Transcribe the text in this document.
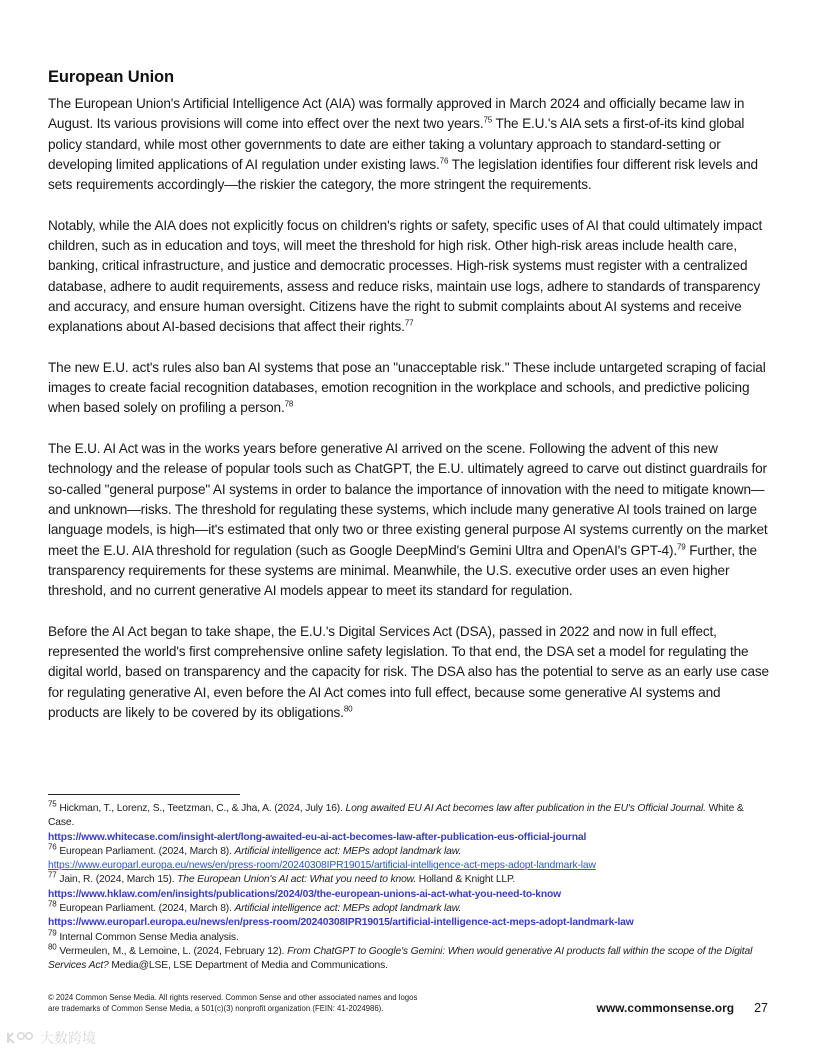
European Union

The European Union's Artificial Intelligence Act (AIA) was formally approved in March 2024 and officially became law in August. Its various provisions will come into effect over the next two years.$^{75}$ The E.U.'s AIA sets a first-of-its kind global policy standard, while most other governments to date are either taking a voluntary approach to standard-setting or developing limited applications of AI regulation under existing laws.$^{76}$ The legislation identifies four different risk levels and sets requirements accordingly—the riskier the category, the more stringent the requirements.

Notably, while the AIA does not explicitly focus on children's rights or safety, specific uses of AI that could ultimately impact children, such as in education and toys, will meet the threshold for high risk. Other high-risk areas include health care, banking, critical infrastructure, and justice and democratic processes. High-risk systems must register with a centralized database, adhere to audit requirements, assess and reduce risks, maintain use logs, adhere to standards of transparency and accuracy, and ensure human oversight. Citizens have the right to submit complaints about AI systems and receive explanations about AI-based decisions that affect their rights.$^{77}$

The new E.U. act's rules also ban AI systems that pose an "unacceptable risk." These include untargeted scraping of facial images to create facial recognition databases, emotion recognition in the workplace and schools, and predictive policing when based solely on profiling a person.$^{78}$

The E.U. AI Act was in the works years before generative AI arrived on the scene. Following the advent of this new technology and the release of popular tools such as ChatGPT, the E.U. ultimately agreed to carve out distinct guardrails for so-called "general purpose" AI systems in order to balance the importance of innovation with the need to mitigate known—and unknown—risks. The threshold for regulating these systems, which include many generative AI tools trained on large language models, is high—it's estimated that only two or three existing general purpose AI systems currently on the market meet the E.U. AIA threshold for regulation (such as Google DeepMind's Gemini Ultra and OpenAI's GPT-4).$^{79}$ Further, the transparency requirements for these systems are minimal. Meanwhile, the U.S. executive order uses an even higher threshold, and no current generative AI models appear to meet its standard for regulation.

Before the AI Act began to take shape, the E.U.'s Digital Services Act (DSA), passed in 2022 and now in full effect, represented the world's first comprehensive online safety legislation. To that end, the DSA set a model for regulating the digital world, based on transparency and the capacity for risk. The DSA also has the potential to serve as an early use case for regulating generative AI, even before the AI Act comes into full effect, because some generative AI systems and products are likely to be covered by its obligations.$^{80}$

$^{75}$ Hickman, T., Lorenz, S., Teetzman, C., & Jha, A. (2024, July 16). Long awaited EU AI Act becomes law after publication in the EU's Official Journal. White & Case.
https://www.whitecase.com/insight-alert/long-awaited-eu-ai-act-becomes-law-after-publication-eus-official-journal
$^{76}$ European Parliament. (2024, March 8). Artificial intelligence act: MEPs adopt landmark law.
https://www.europarl.europa.eu/news/en/press-room/20240308IPR19015/artificial-intelligence-act-meps-adopt-landmark-law
$^{77}$ Jain, R. (2024, March 15). The European Union's AI act: What you need to know. Holland & Knight LLP.
https://www.hklaw.com/en/insights/publications/2024/03/the-european-unions-ai-act-what-you-need-to-know
$^{78}$ European Parliament. (2024, March 8). Artificial intelligence act: MEPs adopt landmark law.
https://www.europarl.europa.eu/news/en/press-room/20240308IPR19015/artificial-intelligence-act-meps-adopt-landmark-law
$^{79}$ Internal Common Sense Media analysis.
$^{80}$ Vermeulen, M., & Lemoine, L. (2024, February 12). From ChatGPT to Google's Gemini: When would generative AI products fall within the scope of the Digital Services Act? Media@LSE, LSE Department of Media and Communications.
© 2024 Common Sense Media. All rights reserved. Common Sense and other associated names and logos
are trademarks of Common Sense Media, a 501(c)(3) nonprofit organization (FEIN: 41-2024986).	www.commonsense.org 27
大数跨境
